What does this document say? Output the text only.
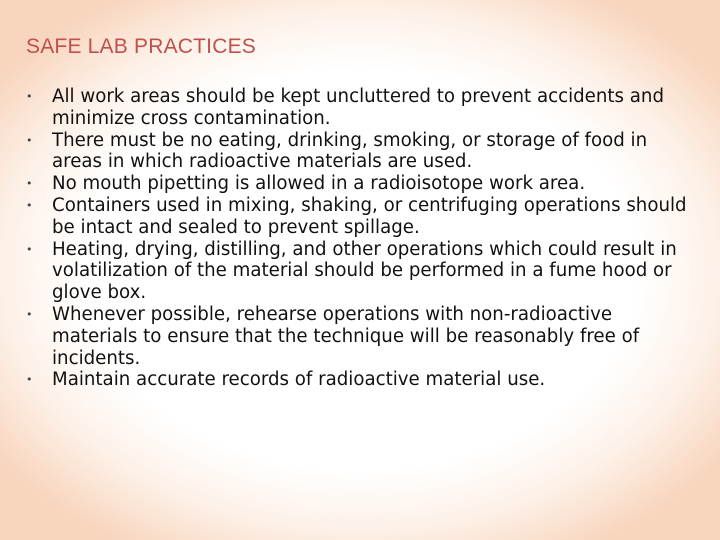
SAFE LAB PRACTICES
• All work areas should be kept uncluttered to prevent accidents and minimize cross contamination.
• There must be no eating, drinking, smoking, or storage of food in areas in which radioactive materials are used.
• No mouth pipetting is allowed in a radioisotope work area.
• Containers used in mixing, shaking, or centrifuging operations should be intact and sealed to prevent spillage.
• Heating, drying, distilling, and other operations which could result in volatilization of the material should be performed in a fume hood or glove box.
• Whenever possible, rehearse operations with non-radioactive materials to ensure that the technique will be reasonably free of incidents.
• Maintain accurate records of radioactive material use.
